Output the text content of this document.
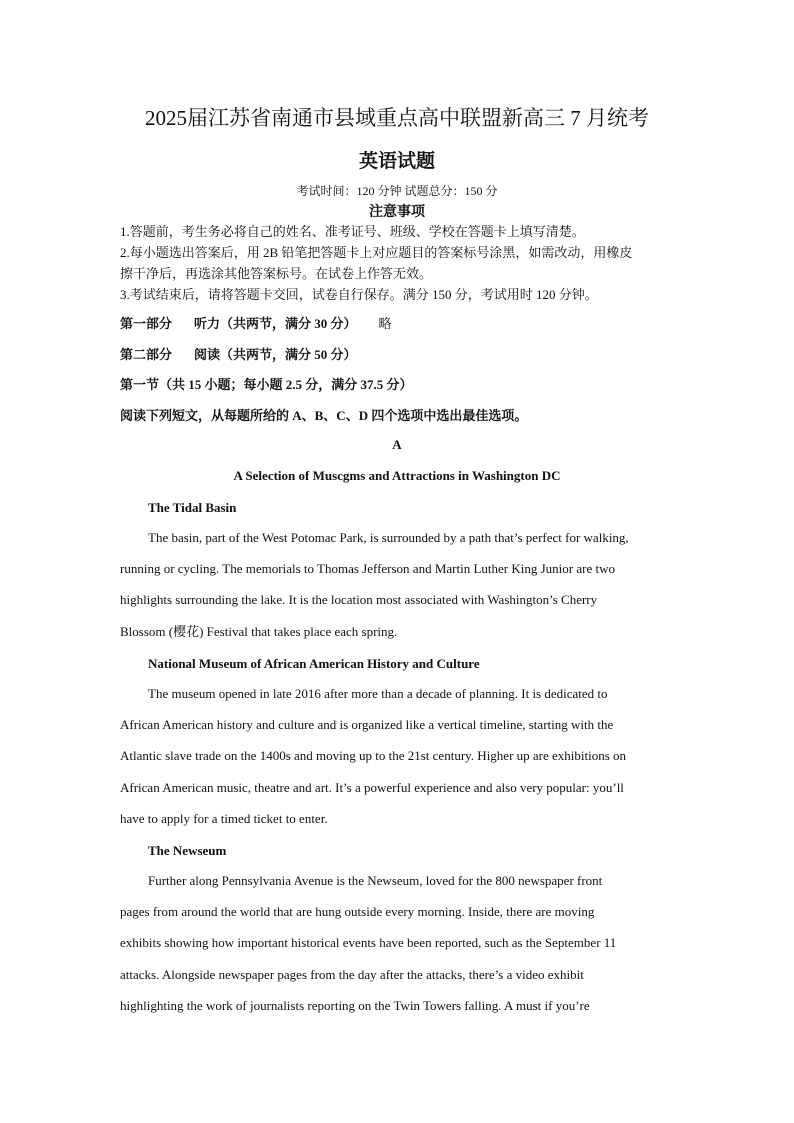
2025届江苏省南通市县域重点高中联盟新高三 7 月统考
英语试题
考试时间：120 分钟 试题总分：150 分
注意事项

1.答题前，考生务必将自己的姓名、准考证号、班级、学校在答题卡上填写清楚。

2.每小题选出答案后，用 2B 铅笔把答题卡上对应题目的答案标号涂黑，如需改动，用橡皮

擦干净后，再选涂其他答案标号。在试卷上作答无效。

3.考试结束后，请将答题卡交回，试卷自行保存。满分 150 分，考试用时 120 分钟。

第一部分 听力（共两节，满分 30 分） 略
第二部分 阅读（共两节，满分 50 分）
第一节（共 15 小题；每小题 2.5 分，满分 37.5 分）
阅读下列短文，从每题所给的 A、B、C、D 四个选项中选出最佳选项。
A
A Selection of Muscgms and Attractions in Washington DC
The Tidal Basin
The basin, part of the West Potomac Park, is surrounded by a path that’s perfect for walking,
running or cycling. The memorials to Thomas Jefferson and Martin Luther King Junior are two
highlights surrounding the lake. It is the location most associated with Washington’s Cherry
Blossom (樱花) Festival that takes place each spring.
National Museum of African American History and Culture
The museum opened in late 2016 after more than a decade of planning. It is dedicated to
African American history and culture and is organized like a vertical timeline, starting with the
Atlantic slave trade on the 1400s and moving up to the 21st century. Higher up are exhibitions on
African American music, theatre and art. It’s a powerful experience and also very popular: you’ll
have to apply for a timed ticket to enter.
The Newseum
Further along Pennsylvania Avenue is the Newseum, loved for the 800 newspaper front
pages from around the world that are hung outside every morning. Inside, there are moving
exhibits showing how important historical events have been reported, such as the September 11
attacks. Alongside newspaper pages from the day after the attacks, there’s a video exhibit
highlighting the work of journalists reporting on the Twin Towers falling. A must if you’re
